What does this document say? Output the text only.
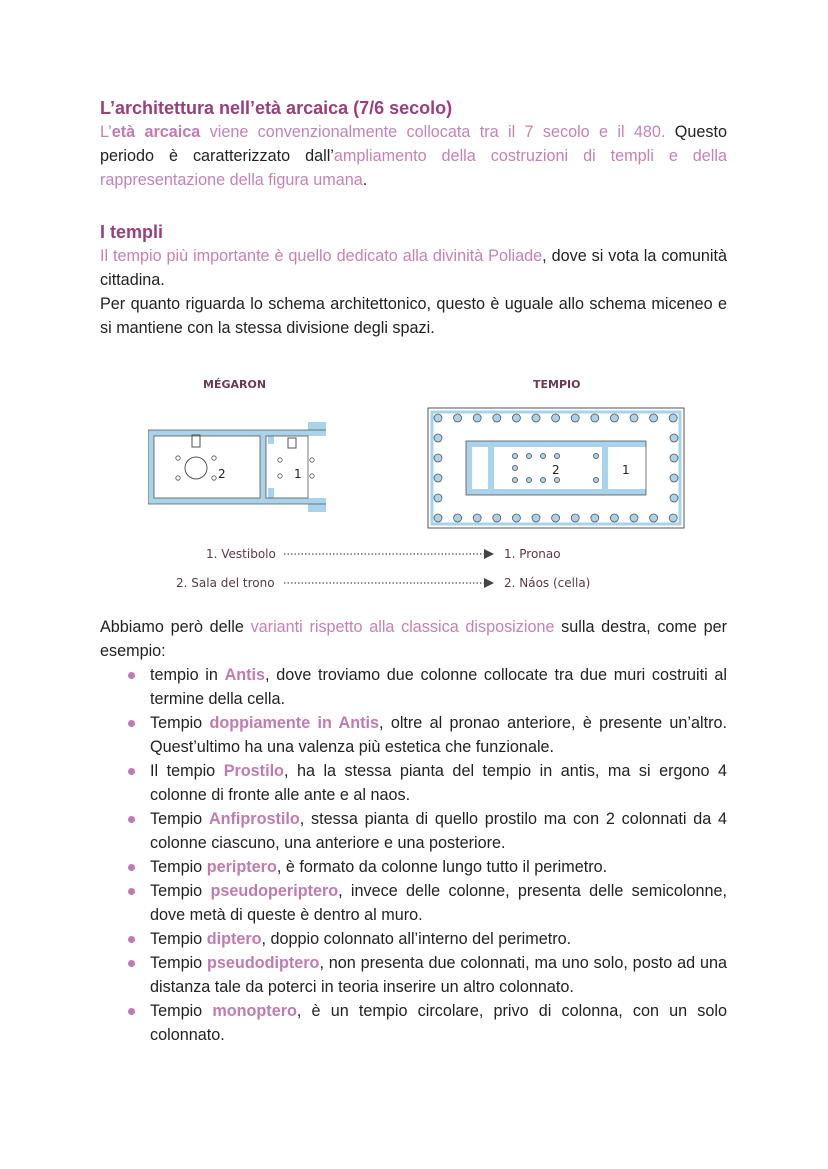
L’architettura nell’età arcaica (7/6 secolo)

L’età arcaica viene convenzionalmente collocata tra il 7 secolo e il 480. Questo periodo è caratterizzato dall’ampliamento della costruzioni di templi e della rappresentazione della figura umana.

I templi

Il tempio più importante è quello dedicato alla divinità Poliade, dove si vota la comunità cittadina.

Per quanto riguarda lo schema architettonico, questo è uguale allo schema miceneo e si mantiene con la stessa divisione degli spazi.

MÉGARON	TEMPIO
2	1	2	1
1. Vestibolo	1. Pronao
2. Sala del trono	2. Náos (cella)

Abbiamo però delle varianti rispetto alla classica disposizione sulla destra, come per esempio:

tempio in Antis, dove troviamo due colonne collocate tra due muri costruiti al termine della cella.
Tempio doppiamente in Antis, oltre al pronao anteriore, è presente un’altro. Quest’ultimo ha una valenza più estetica che funzionale.
Il tempio Prostilo, ha la stessa pianta del tempio in antis, ma si ergono 4 colonne di fronte alle ante e al naos.
Tempio Anfiprostilo, stessa pianta di quello prostilo ma con 2 colonnati da 4 colonne ciascuno, una anteriore e una posteriore.
Tempio periptero, è formato da colonne lungo tutto il perimetro.
Tempio pseudoperiptero, invece delle colonne, presenta delle semicolonne, dove metà di queste è dentro al muro.
Tempio diptero, doppio colonnato all’interno del perimetro.
Tempio pseudodiptero, non presenta due colonnati, ma uno solo, posto ad una distanza tale da poterci in teoria inserire un altro colonnato.
Tempio monoptero, è un tempio circolare, privo di colonna, con un solo colonnato.
